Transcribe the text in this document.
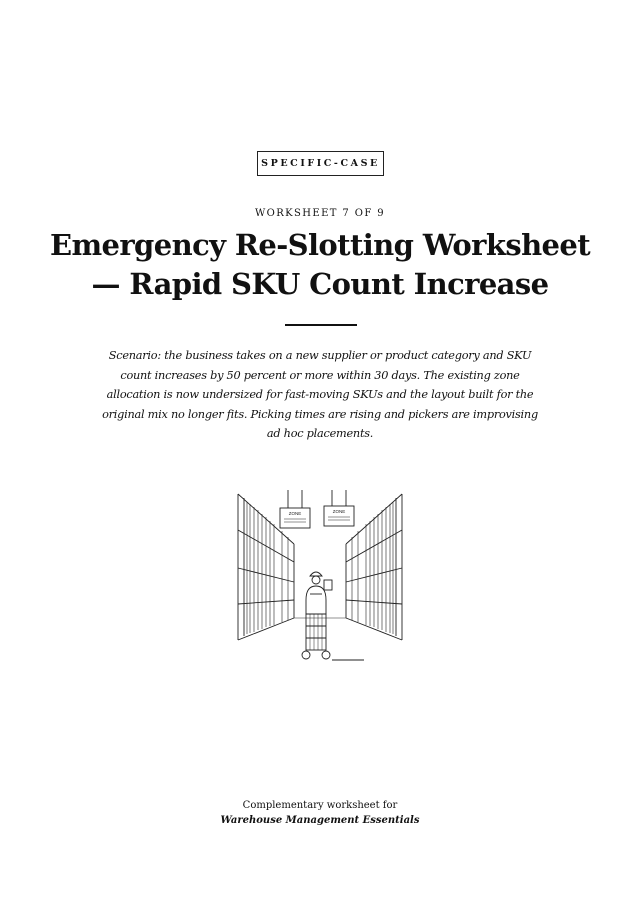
SPECIFIC-CASE
WORKSHEET 7 OF 9
Emergency Re-Slotting Worksheet
— Rapid SKU Count Increase

Scenario: the business takes on a new supplier or product category and SKU count increases by 50 percent or more within 30 days. The existing zone allocation is now undersized for fast-moving SKUs and the layout built for the original mix no longer fits. Picking times are rising and pickers are improvising ad hoc placements.

ZONE	ZONE
Complementary worksheet for
Warehouse Management Essentials
